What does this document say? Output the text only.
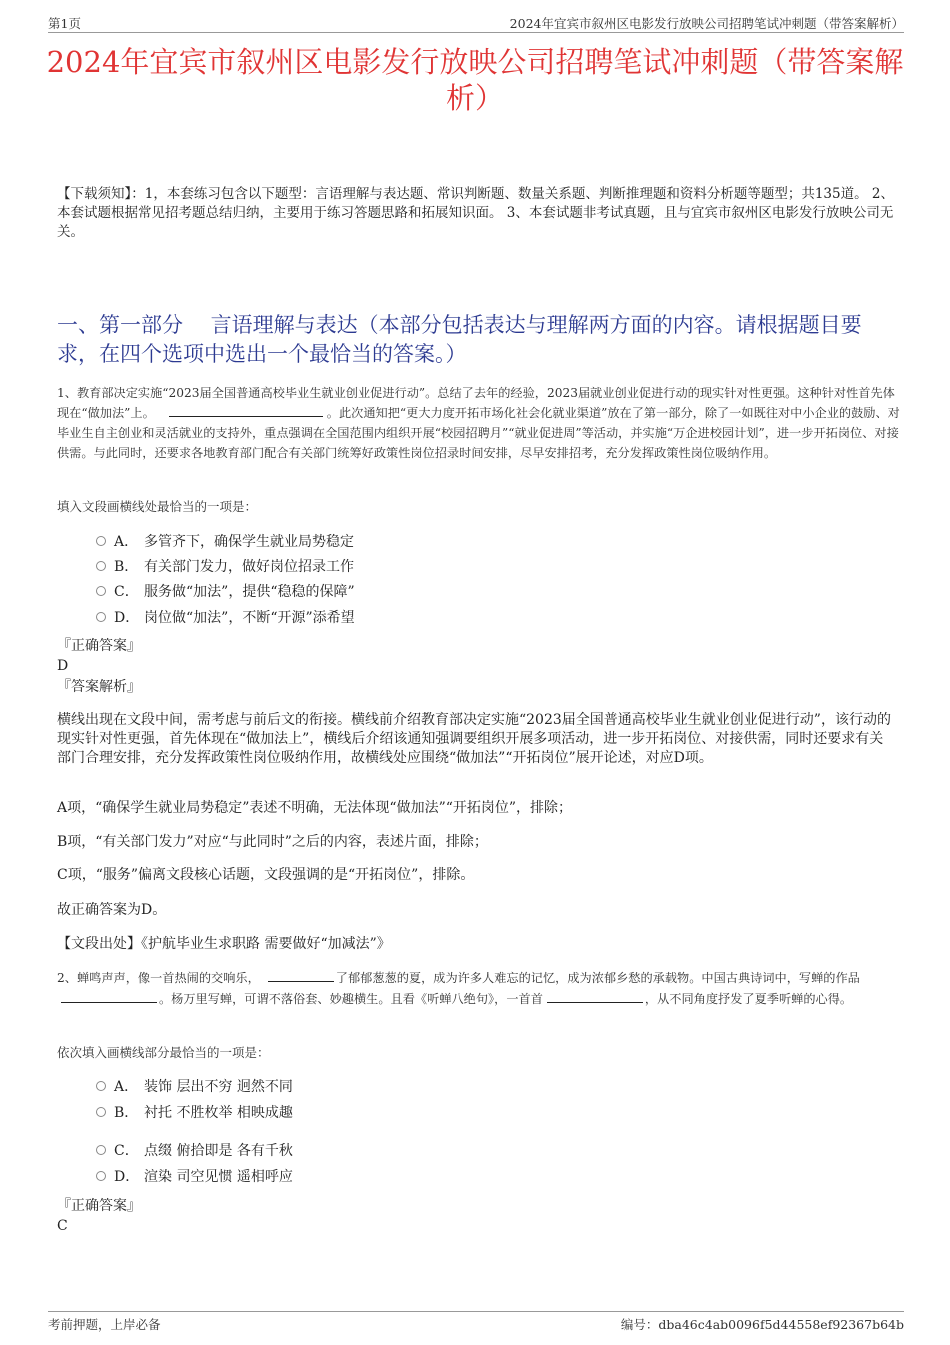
第1页	2024年宜宾市叙州区电影发行放映公司招聘笔试冲刺题（带答案解析）
2024年宜宾市叙州区电影发行放映公司招聘笔试冲刺题（带答案解析）
【下载须知】：1，本套练习包含以下题型：言语理解与表达题、常识判断题、数量关系题、判断推理题和资料分析题等题型；共135道。 2、本套试题根据常见招考题总结归纳，主要用于练习答题思路和拓展知识面。 3、本套试题非考试真题，且与宜宾市叙州区电影发行放映公司无关。
一、第一部分 　言语理解与表达（本部分包括表达与理解两方面的内容。请根据题目要求，在四个选项中选出一个最恰当的答案。）
1、教育部决定实施“2023届全国普通高校毕业生就业创业促进行动”。总结了去年的经验，2023届就业创业促进行动的现实针对性更强。这种针对性首先体现在“做加法”上。	。此次通知把“更大力度开拓市场化社会化就业渠道”放在了第一部分，除了一如既往对中小企业的鼓励、对毕业生自主创业和灵活就业的支持外，重点强调在全国范围内组织开展“校园招聘月”“就业促进周”等活动，并实施“万企进校园计划”，进一步开拓岗位、对接供需。与此同时，还要求各地教育部门配合有关部门统筹好政策性岗位招录时间安排，尽早安排招考，充分发挥政策性岗位吸纳作用。
填入文段画横线处最恰当的一项是：
A． 多管齐下，确保学生就业局势稳定
B． 有关部门发力，做好岗位招录工作
C． 服务做“加法”，提供“稳稳的保障”
D． 岗位做“加法”，不断“开源”添希望
『正确答案』
D
『答案解析』
横线出现在文段中间，需考虑与前后文的衔接。横线前介绍教育部决定实施“2023届全国普通高校毕业生就业创业促进行动”，该行动的现实针对性更强，首先体现在“做加法上”，横线后介绍该通知强调要组织开展多项活动，进一步开拓岗位、对接供需，同时还要求有关部门合理安排，充分发挥政策性岗位吸纳作用，故横线处应围绕“做加法”“开拓岗位”展开论述，对应D项。
A项，“确保学生就业局势稳定”表述不明确，无法体现“做加法”“开拓岗位”，排除；
B项，“有关部门发力”对应“与此同时”之后的内容，表述片面，排除；
C项，“服务”偏离文段核心话题，文段强调的是“开拓岗位”，排除。
故正确答案为D。
【文段出处】《护航毕业生求职路 需要做好“加减法”》
2、蝉鸣声声，像一首热闹的交响乐，	了郁郁葱葱的夏，成为许多人难忘的记忆，成为浓郁乡愁的承载物。中国古典诗词中，写蝉的作品。杨万里写蝉，可谓不落俗套、妙趣横生。且看《听蝉八绝句》，一首首	，从不同角度抒发了夏季听蝉的心得。
依次填入画横线部分最恰当的一项是：
A． 装饰 层出不穷 迥然不同
B． 衬托 不胜枚举 相映成趣
C． 点缀 俯拾即是 各有千秋
D． 渲染 司空见惯 遥相呼应
『正确答案』
C
考前押题，上岸必备	编号：dba46c4ab0096f5d44558ef92367b64b
